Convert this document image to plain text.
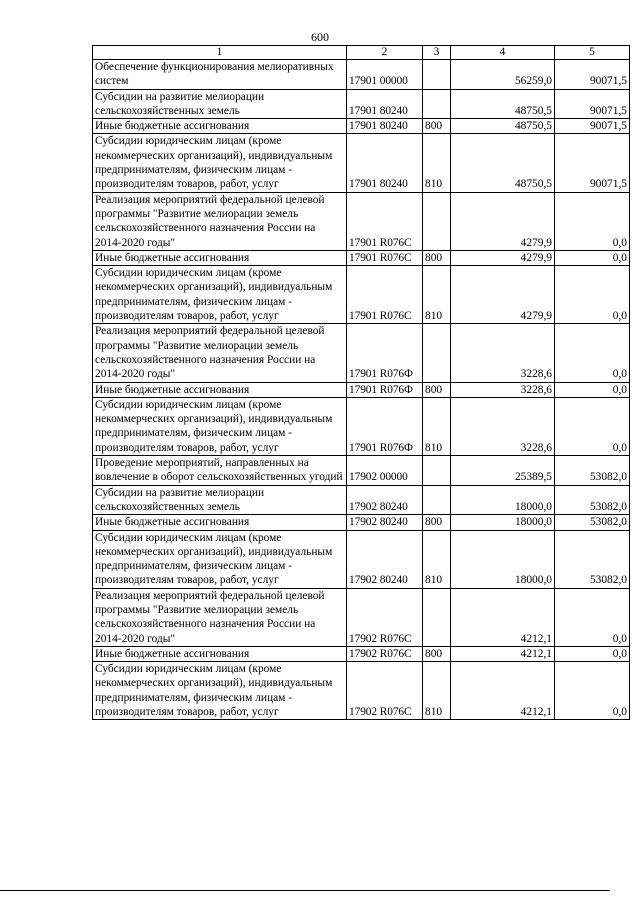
600
1	2	3	4	5
Обеспечение функционирования мелиоративных систем	17901 00000		56259,0	90071,5
Субсидии на развитие мелиорации сельскохозяйственных земель	17901 80240		48750,5	90071,5
Иные бюджетные ассигнования	17901 80240	800	48750,5	90071,5
Субсидии юридическим лицам (кроме некоммерческих организаций), индивидуальным предпринимателям, физическим лицам - производителям товаров, работ, услуг	17901 80240	810	48750,5	90071,5
Реализация мероприятий федеральной целевой программы "Развитие мелиорации земель сельскохозяйственного назначения России на 2014-2020 годы"	17901 R076C		4279,9	0,0
Иные бюджетные ассигнования	17901 R076C	800	4279,9	0,0
Субсидии юридическим лицам (кроме некоммерческих организаций), индивидуальным предпринимателям, физическим лицам - производителям товаров, работ, услуг	17901 R076C	810	4279,9	0,0
Реализация мероприятий федеральной целевой программы "Развитие мелиорации земель сельскохозяйственного назначения России на 2014-2020 годы"	17901 R076Ф		3228,6	0,0
Иные бюджетные ассигнования	17901 R076Ф	800	3228,6	0,0
Субсидии юридическим лицам (кроме некоммерческих организаций), индивидуальным предпринимателям, физическим лицам - производителям товаров, работ, услуг	17901 R076Ф	810	3228,6	0,0
Проведение мероприятий, направленных на вовлечение в оборот сельскохозяйственных угодий	17902 00000		25389,5	53082,0
Субсидии на развитие мелиорации сельскохозяйственных земель	17902 80240		18000,0	53082,0
Иные бюджетные ассигнования	17902 80240	800	18000,0	53082,0
Субсидии юридическим лицам (кроме некоммерческих организаций), индивидуальным предпринимателям, физическим лицам - производителям товаров, работ, услуг	17902 80240	810	18000,0	53082,0
Реализация мероприятий федеральной целевой программы "Развитие мелиорации земель сельскохозяйственного назначения России на 2014-2020 годы"	17902 R076C		4212,1	0,0
Иные бюджетные ассигнования	17902 R076C	800	4212,1	0,0
Субсидии юридическим лицам (кроме некоммерческих организаций), индивидуальным предпринимателям, физическим лицам - производителям товаров, работ, услуг	17902 R076C	810	4212,1	0,0
